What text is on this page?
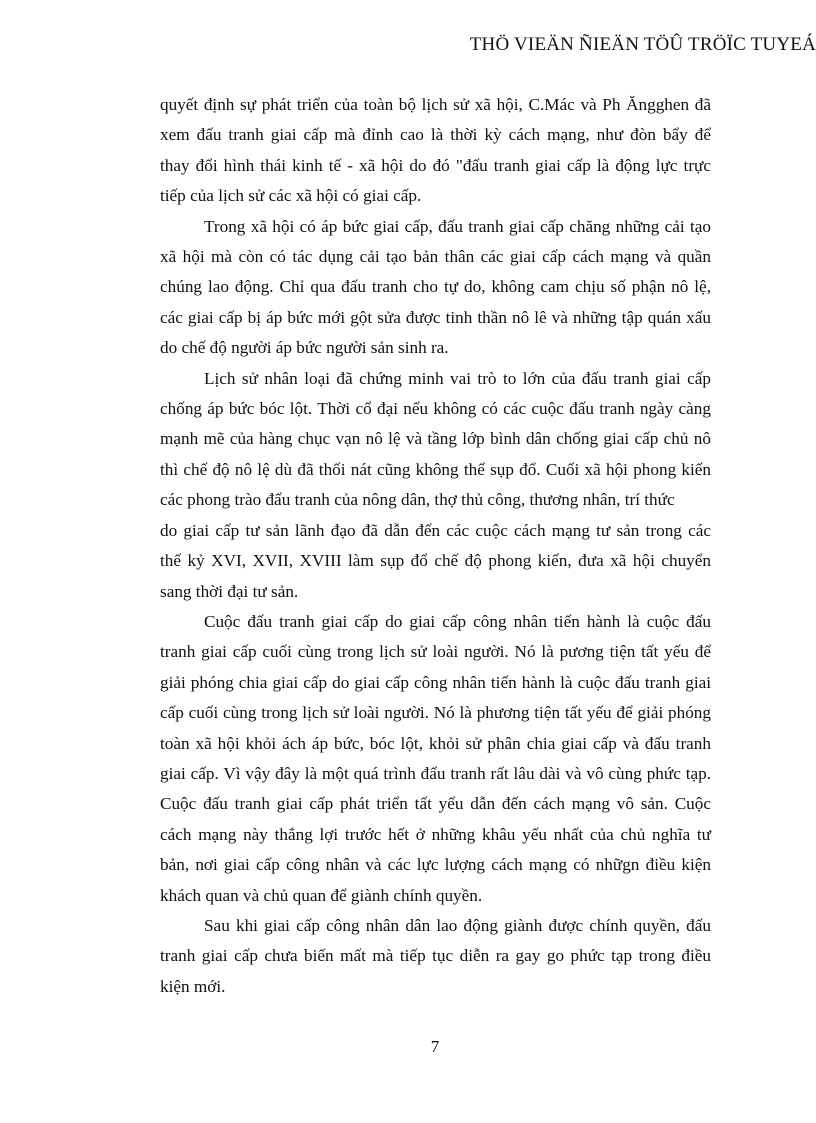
THÖ VIEÄN ÑIEÄN TÖÛ TRÖÏC TUYEÁ

quyết định sự phát triển của toàn bộ lịch sử xã hội, C.Mác và Ph Ăngghen đã
xem đấu tranh giai cấp mà đỉnh cao là thời kỳ cách mạng, như đòn bẩy để
thay đổi hình thái kinh tế - xã hội do đó "đấu tranh giai cấp là động lực trực
tiếp của lịch sử các xã hội có giai cấp.

Trong xã hội có áp bức giai cấp, đấu tranh giai cấp chăng những cải tạo
xã hội mà còn có tác dụng cải tạo bản thân các giai cấp cách mạng và quần
chúng lao động. Chỉ qua đấu tranh cho tự do, không cam chịu số phận nô lệ,
các giai cấp bị áp bức mới gột sửa được tinh thần nô lê và những tập quán xấu
do chế độ người áp bức người sản sinh ra.

Lịch sử nhân loại đã chứng minh vai trò to lớn của đấu tranh giai cấp
chống áp bức bóc lột. Thời cổ đại nếu không có các cuộc đấu tranh ngày càng
mạnh mẽ của hàng chục vạn nô lệ và tầng lớp bình dân chống giai cấp chủ nô
thì chế độ nô lệ dù đã thối nát cũng không thể sụp đổ. Cuối xã hội phong kiến
các phong trào đấu tranh của nông dân, thợ thủ công, thương nhân, trí thức
do giai cấp tư sản lãnh đạo đã dẫn đến các cuộc cách mạng tư sản trong các
thế kỷ XVI, XVII, XVIII làm sụp đổ chế độ phong kiến, đưa xã hội chuyển
sang thời đại tư sản.

Cuộc đấu tranh giai cấp do giai cấp công nhân tiến hành là cuộc đấu
tranh giai cấp cuối cùng trong lịch sử loài người. Nó là pương tiện tất yếu để
giải phóng chia giai cấp do giai cấp công nhân tiến hành là cuộc đấu tranh giai
cấp cuối cùng trong lịch sử loài người. Nó là phương tiện tất yếu để giải phóng
toàn xã hội khỏi ách áp bức, bóc lột, khỏi sử phân chia giai cấp và đấu tranh
giai cấp. Vì vậy đây là một quá trình đấu tranh rất lâu dài và vô cùng phức tạp.
Cuộc đấu tranh giai cấp phát triển tất yếu dẫn đến cách mạng vô sản. Cuộc
cách mạng này thắng lợi trước hết ở những khâu yếu nhất của chủ nghĩa tư
bản, nơi giai cấp công nhân và các lực lượng cách mạng có nhữgn điều kiện
khách quan và chủ quan để giành chính quyền.

Sau khi giai cấp công nhân dân lao động giành được chính quyền, đấu
tranh giai cấp chưa biến mất mà tiếp tục diễn ra gay go phức tạp trong điều
kiện mới.

7
